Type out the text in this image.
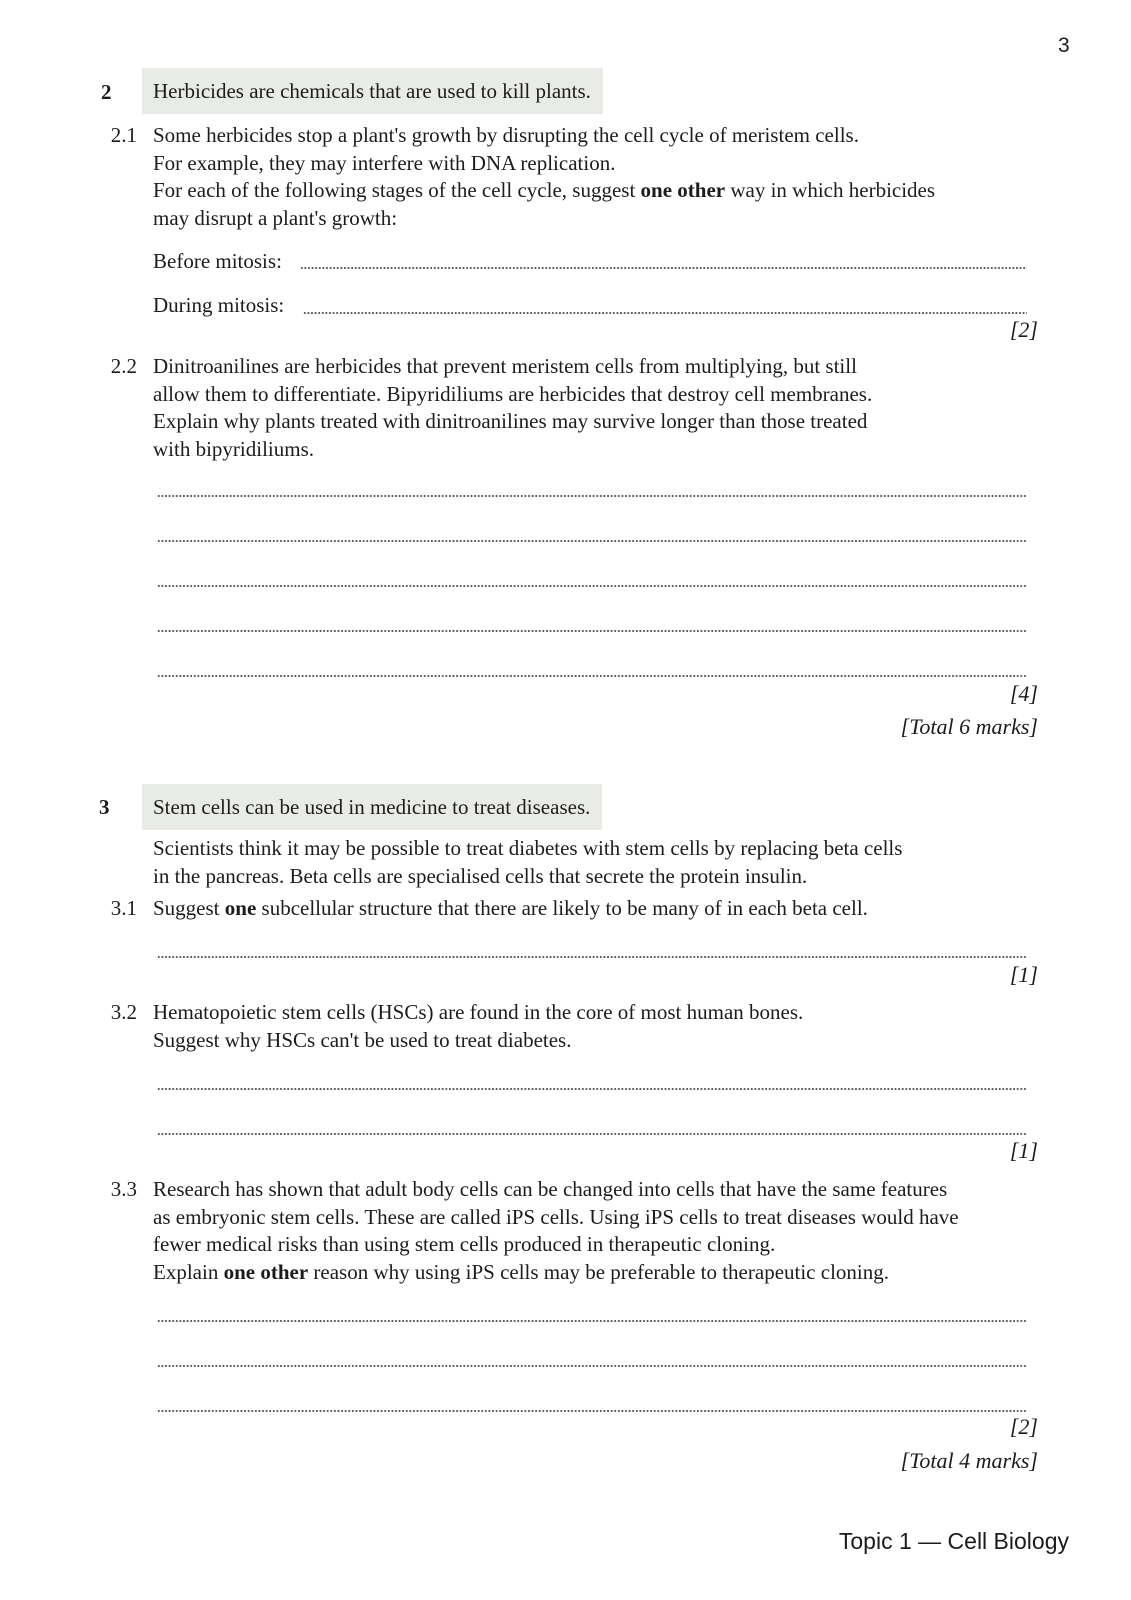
3
2	Herbicides are chemicals that are used to kill plants.
2.1 Some herbicides stop a plant's growth by disrupting the cell cycle of meristem cells.
For example, they may interfere with DNA replication.
For each of the following stages of the cell cycle, suggest one other way in which herbicides
may disrupt a plant's growth:
Before mitosis:
During mitosis:
[2]
2.2 Dinitroanilines are herbicides that prevent meristem cells from multiplying, but still
allow them to differentiate. Bipyridiliums are herbicides that destroy cell membranes.
Explain why plants treated with dinitroanilines may survive longer than those treated
with bipyridiliums.
[4]
[Total 6 marks]
3	Stem cells can be used in medicine to treat diseases.
Scientists think it may be possible to treat diabetes with stem cells by replacing beta cells
in the pancreas. Beta cells are specialised cells that secrete the protein insulin.
3.1 Suggest one subcellular structure that there are likely to be many of in each beta cell.
[1]
3.2 Hematopoietic stem cells (HSCs) are found in the core of most human bones.
Suggest why HSCs can't be used to treat diabetes.
[1]
3.3 Research has shown that adult body cells can be changed into cells that have the same features
as embryonic stem cells. These are called iPS cells. Using iPS cells to treat diseases would have
fewer medical risks than using stem cells produced in therapeutic cloning.
Explain one other reason why using iPS cells may be preferable to therapeutic cloning.
[2]
[Total 4 marks]
Topic 1 — Cell Biology
